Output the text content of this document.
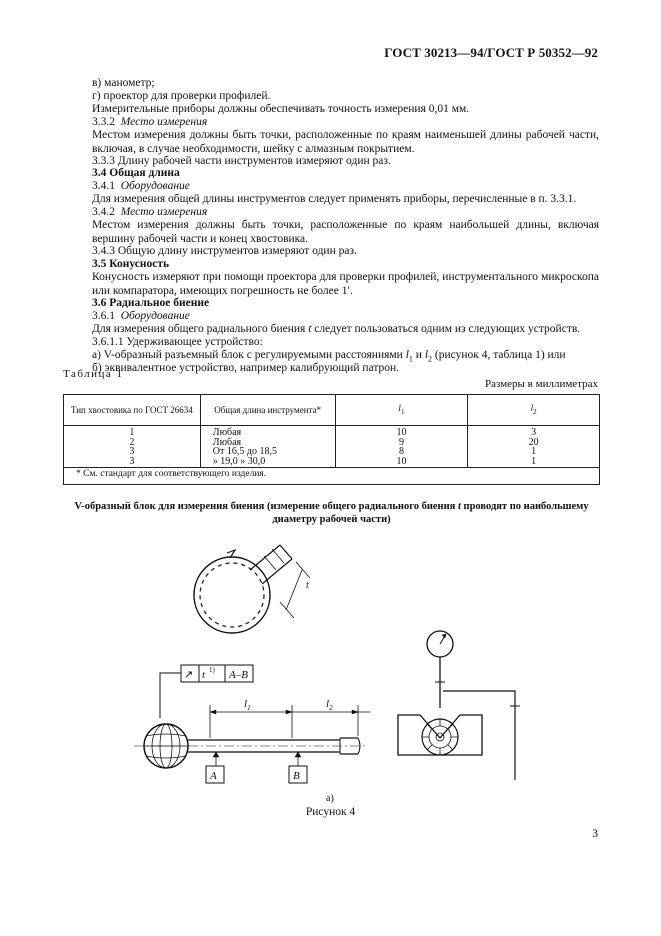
ГОСТ 30213—94/ГОСТ Р 50352—92
в) манометр;
г) проектор для проверки профилей.
Измерительные приборы должны обеспечивать точность измерения 0,01 мм.
3.3.2 Место измерения
Местом измерения должны быть точки, расположенные по краям наименьшей длины рабочей части, включая, в случае необходимости, шейку с алмазным покрытием.
3.3.3 Длину рабочей части инструментов измеряют один раз.
3.4 Общая длина
3.4.1 Оборудование
Для измерения общей длины инструментов следует применять приборы, перечисленные в п. 3.3.1.
3.4.2 Место измерения
Местом измерения должны быть точки, расположенные по краям наибольшей длины, включая вершину рабочей части и конец хвостовика.
3.4.3 Общую длину инструментов измеряют один раз.
3.5 Конусность
Конусность измеряют при помощи проектора для проверки профилей, инструментального микроскопа или компаратора, имеющих погрешность не более 1′.
3.6 Радиальное биение
3.6.1 Оборудование
Для измерения общего радиального биения t следует пользоваться одним из следующих устройств.
3.6.1.1 Удерживающее устройство:
а) V-образный разъемный блок с регулируемыми расстояниями $l_1$ и $l_2$ (рисунок 4, таблица 1) или
б) эквивалентное устройство, например калибрующий патрон.
Таблица 1
Размеры в миллиметрах
Тип хвостовика по ГОСТ 26634	Общая длина инструмента*	$l_1$	$l_2$
1	Любая	10	3
2	Любая	9	20
3	От 16,5 до 18,5	8	1
3	» 19,0 » 30,0	10	1
* См. стандарт для соответствующего изделия.			
V-образный блок для измерения биения (измерение общего радиального биения t проводят по наибольшему диаметру рабочей части)
t
↗ t 1) A–B
$l_1$	$l_2$
A	B
а)
Рисунок 4
3
